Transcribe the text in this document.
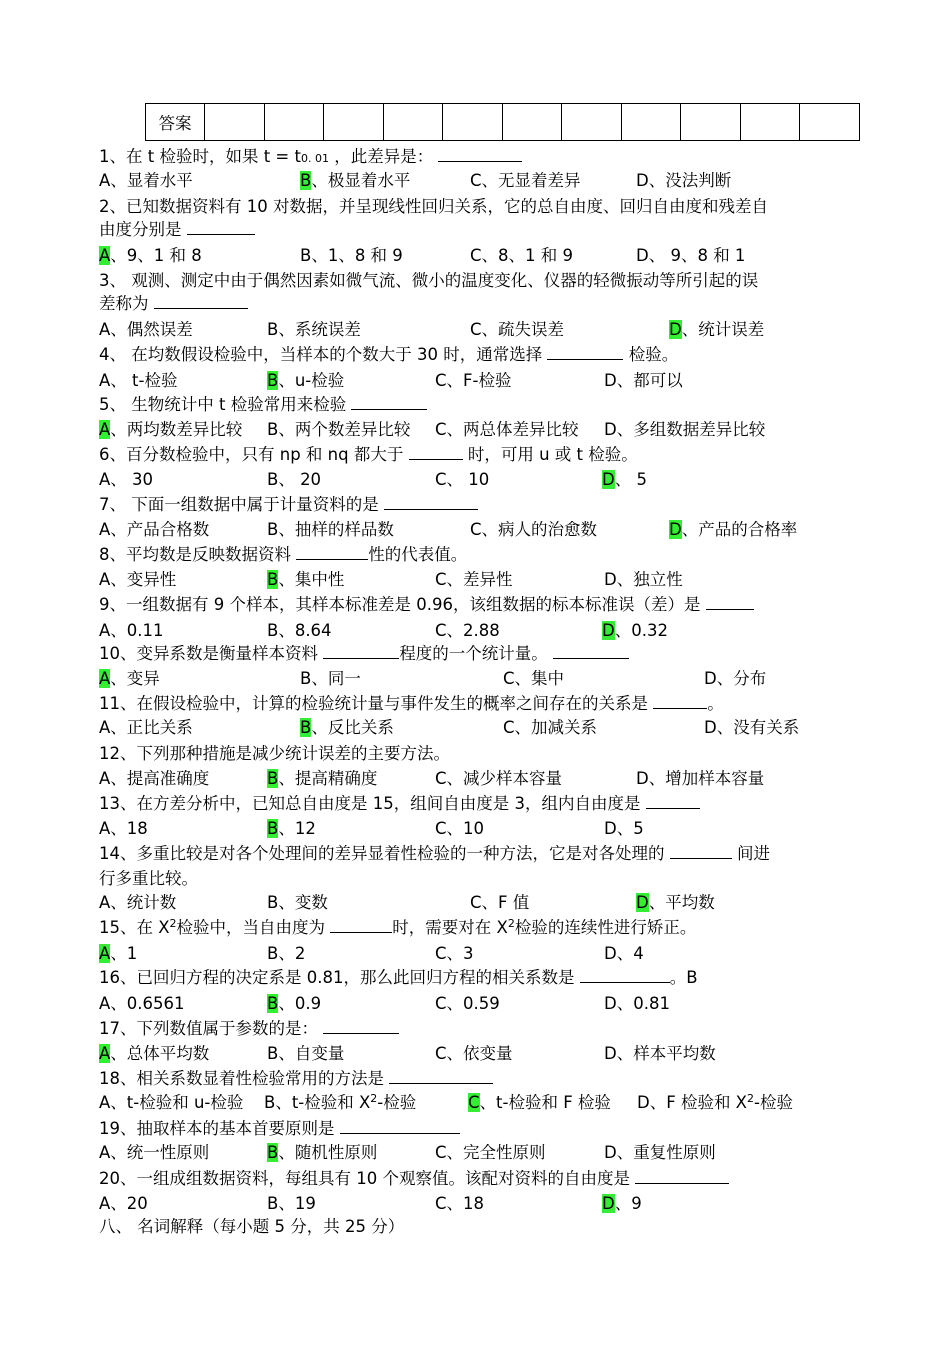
答案											
1、在 t 检验时，如果 t = t0. 01 ，此差异是：
A、显着水平	B、极显着水平	C、无显着差异	D、没法判断
2、已知数据资料有 10 对数据，并呈现线性回归关系，它的总自由度、回归自由度和残差自
由度分别是
A、9、1 和 8	B、1、8 和 9	C、8、1 和 9	D、 9、8 和 1
3、 观测、测定中由于偶然因素如微气流、微小的温度变化、仪器的轻微振动等所引起的误
差称为
A、偶然误差	B、系统误差	C、疏失误差	D、统计误差
4、 在均数假设检验中，当样本的个数大于 30 时，通常选择	检验。
A、 t-检验	B、u-检验	C、F-检验	D、都可以
5、 生物统计中 t 检验常用来检验
A、两均数差异比较 B、两个数差异比较 C、两总体差异比较 D、多组数据差异比较
6、百分数检验中，只有 np 和 nq 都大于	时，可用 u 或 t 检验。
A、 30	B、 20	C、 10	D、 5
7、 下面一组数据中属于计量资料的是
A、产品合格数	B、抽样的样品数	C、病人的治愈数	D、产品的合格率
8、平均数是反映数据资料	性的代表值。
A、变异性	B、集中性	C、差异性	D、独立性
9、一组数据有 9 个样本，其样本标准差是 0.96，该组数据的标本标准误（差）是
A、0.11	B、8.64	C、2.88	D、0.32
10、变异系数是衡量样本资料	程度的一个统计量。
A、变异	B、同一	C、集中	D、分布
11、在假设检验中，计算的检验统计量与事件发生的概率之间存在的关系是	。
A、正比关系	B、反比关系	C、加减关系	D、没有关系
12、下列那种措施是减少统计误差的主要方法。
A、提高准确度	B、提高精确度	C、减少样本容量	D、增加样本容量
13、在方差分析中，已知总自由度是 15，组间自由度是 3，组内自由度是
A、18	B、12	C、10	D、5
14、多重比较是对各个处理间的差异显着性检验的一种方法，它是对各处理的	间进
行多重比较。
A、统计数	B、变数	C、F 值	D、平均数
15、在 $X^2$检验中，当自由度为	时，需要对在 $X^2$检验的连续性进行矫正。
A、1	B、2	C、3	D、4
16、已回归方程的决定系是 0.81，那么此回归方程的相关系数是	。B
A、0.6561	B、0.9	C、0.59	D、0.81
17、下列数值属于参数的是：
A、总体平均数	B、自变量	C、依变量	D、样本平均数
18、相关系数显着性检验常用的方法是
A、t-检验和 u-检验 B、t-检验和 $X^2-$检验	C、t-检验和 F 检验 D、F 检验和 $X^2-$检验
19、抽取样本的基本首要原则是
A、统一性原则	B、随机性原则	C、完全性原则	D、重复性原则
20、一组成组数据资料，每组具有 10 个观察值。该配对资料的自由度是
A、20	B、19	C、18	D、9
八、 名词解释（每小题 5 分，共 25 分）
